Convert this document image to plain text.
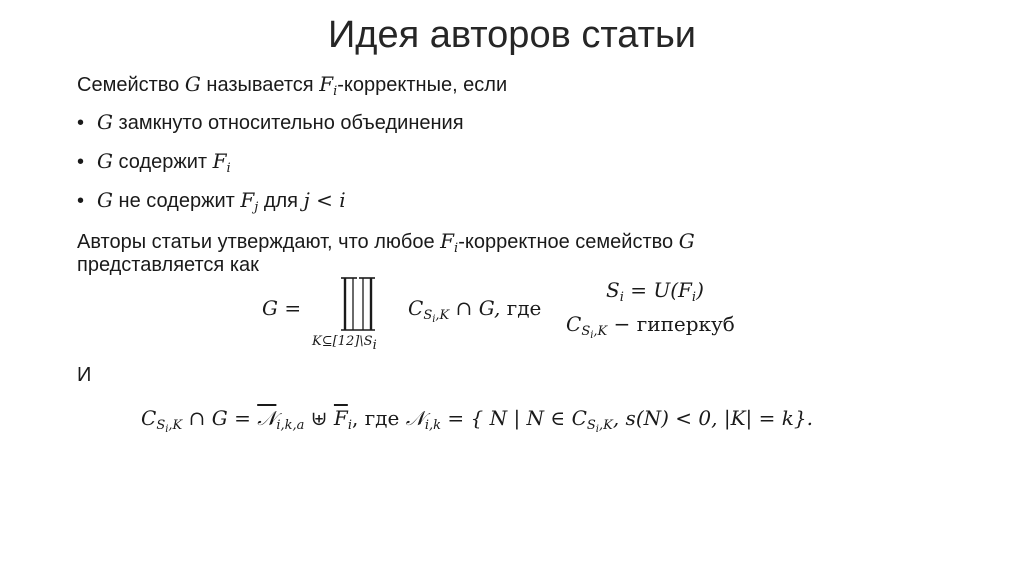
Идея авторов статьи
Семейство G называется $F_i$-корректные, если
• G замкнуто относительно объединения
• G содержит $F_i$
• G не содержит $F_j$ для j < i
Авторы статьи утверждают, что любое $F_i$-корректное семейство G
представляется как
G =
$K⊆[12]\backslash S_i$
$C_{S_i,K}$ ∩ G, где
$S_i = U(F_i)$
$C_{S_i,K}$ − гиперкуб
И
$C_{S_i,K}$ ∩ G = 𝒩$_{i,k,a}$ ⊎ $\overline{F}_i$, где 𝒩$_{i,k}$ = { N | N ∈ $C_{S_i,K}$, s(N) < 0, |K| = k}.
